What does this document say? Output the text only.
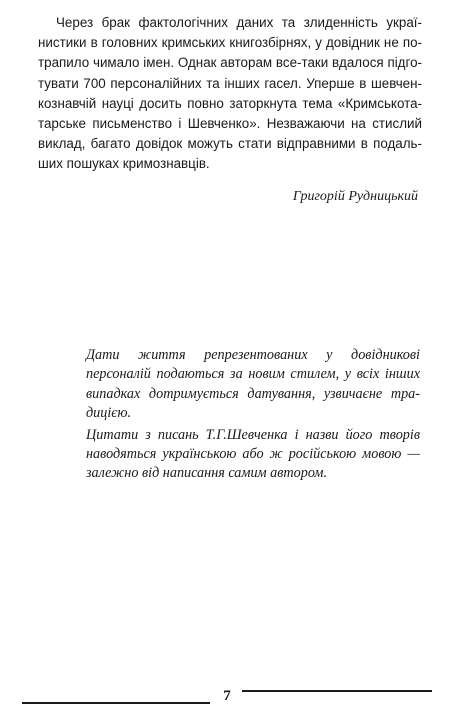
Через брак фактологічних даних та злиденність українистики в головних кримських книгозбірнях, у довідник не потрапило чимало імен. Однак авторам все-таки вдалося підготувати 700 персоналійних та інших гасел. Уперше в шевченкознавчій науці досить повно заторкнута тема «Кримськотатарське письменство і Шевченко». Незважаючи на стислий виклад, багато довідок можуть стати відправними в подальших пошуках кримознавців.

Григорій Рудницький

Дати життя репрезентованих у довідникові персоналій подаються за новим стилем, у всіх інших випадках дотримується датування, узвичаєне традицією.

Цитати з писань Т.Г.Шевченка і назви його творів наводяться українською або ж російською мовою — залежно від написання самим автором.

7
